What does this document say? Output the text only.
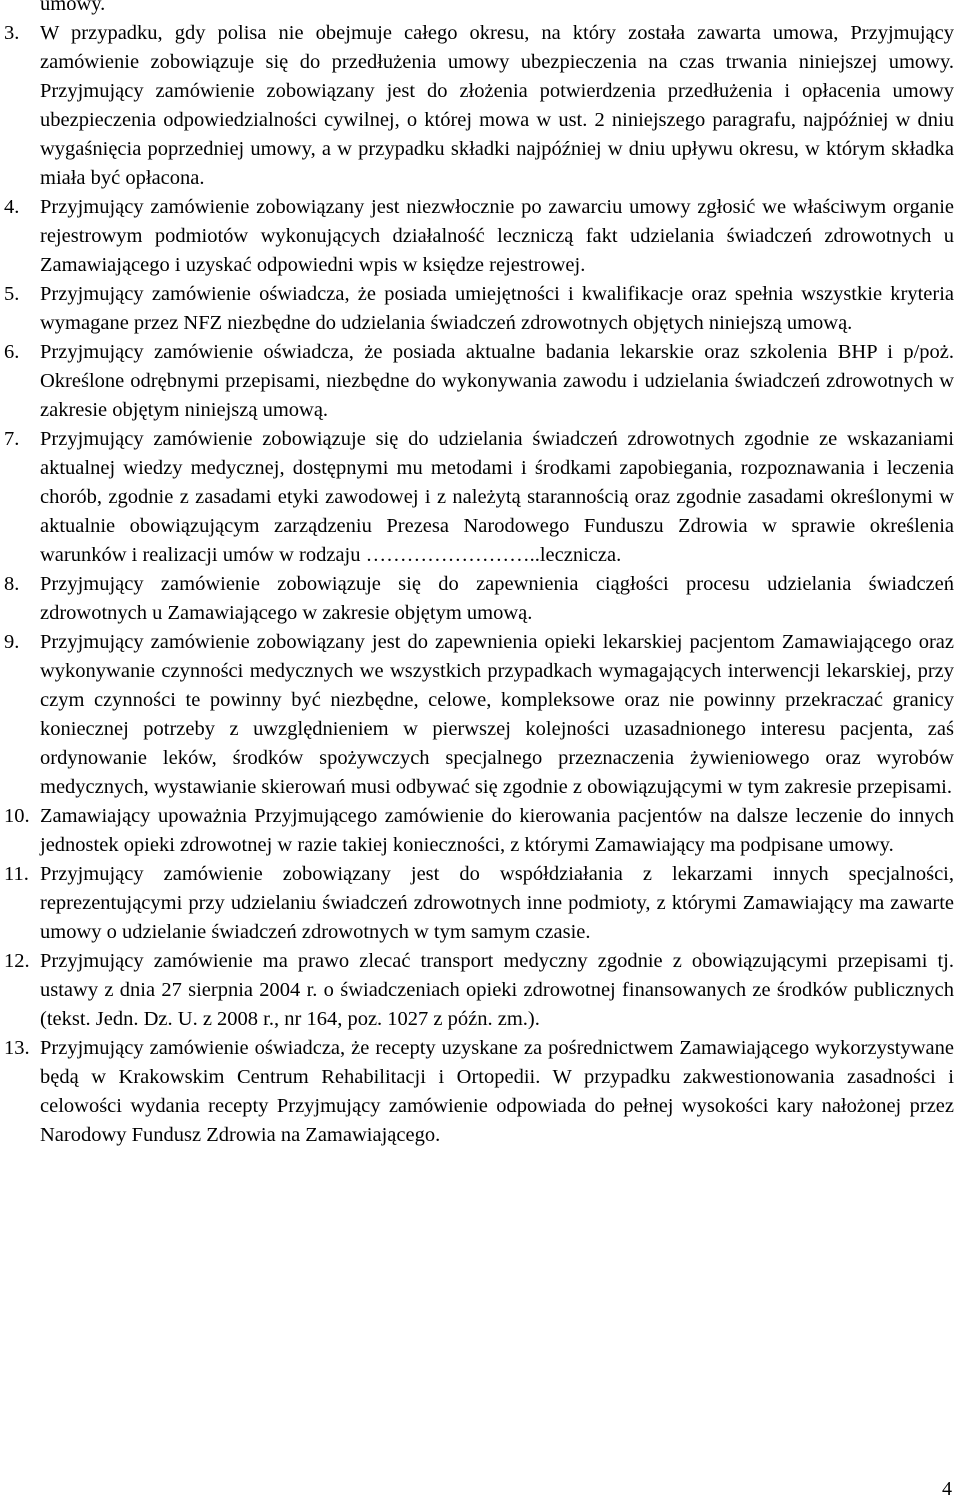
umowy.
3.	W przypadku, gdy polisa nie obejmuje całego okresu, na który została zawarta umowa, Przyjmujący zamówienie zobowiązuje się do przedłużenia umowy ubezpieczenia na czas trwania niniejszej umowy. Przyjmujący zamówienie zobowiązany jest do złożenia potwierdzenia przedłużenia i opłacenia umowy ubezpieczenia odpowiedzialności cywilnej, o której mowa w ust. 2 niniejszego paragrafu, najpóźniej w dniu wygaśnięcia poprzedniej umowy, a w przypadku składki najpóźniej w dniu upływu okresu, w którym składka miała być opłacona.

4.	Przyjmujący zamówienie zobowiązany jest niezwłocznie po zawarciu umowy zgłosić we właściwym organie rejestrowym podmiotów wykonujących działalność leczniczą fakt udzielania świadczeń zdrowotnych u Zamawiającego i uzyskać odpowiedni wpis w księdze rejestrowej.

5.	Przyjmujący zamówienie oświadcza, że posiada umiejętności i kwalifikacje oraz spełnia wszystkie kryteria wymagane przez NFZ niezbędne do udzielania świadczeń zdrowotnych objętych niniejszą umową.

6.	Przyjmujący zamówienie oświadcza, że posiada aktualne badania lekarskie oraz szkolenia BHP i p/poż. Określone odrębnymi przepisami, niezbędne do wykonywania zawodu i udzielania świadczeń zdrowotnych w zakresie objętym niniejszą umową.

7.	Przyjmujący zamówienie zobowiązuje się do udzielania świadczeń zdrowotnych zgodnie ze wskazaniami aktualnej wiedzy medycznej, dostępnymi mu metodami i środkami zapobiegania, rozpoznawania i leczenia chorób, zgodnie z zasadami etyki zawodowej i z należytą starannością oraz zgodnie zasadami określonymi w aktualnie obowiązującym zarządzeniu Prezesa Narodowego Funduszu Zdrowia w sprawie określenia warunków i realizacji umów w rodzaju ……………………..lecznicza.

8.	Przyjmujący zamówienie zobowiązuje się do zapewnienia ciągłości procesu udzielania świadczeń zdrowotnych u Zamawiającego w zakresie objętym umową.

9.	Przyjmujący zamówienie zobowiązany jest do zapewnienia opieki lekarskiej pacjentom Zamawiającego oraz wykonywanie czynności medycznych we wszystkich przypadkach wymagających interwencji lekarskiej, przy czym czynności te powinny być niezbędne, celowe, kompleksowe oraz nie powinny przekraczać granicy koniecznej potrzeby z uwzględnieniem w pierwszej kolejności uzasadnionego interesu pacjenta, zaś ordynowanie leków, środków spożywczych specjalnego przeznaczenia żywieniowego oraz wyrobów medycznych, wystawianie skierowań musi odbywać się zgodnie z obowiązującymi w tym zakresie przepisami.

10. Zamawiający upoważnia Przyjmującego zamówienie do kierowania pacjentów na dalsze leczenie do innych jednostek opieki zdrowotnej w razie takiej konieczności, z którymi Zamawiający ma podpisane umowy.

11. Przyjmujący zamówienie zobowiązany jest do współdziałania z lekarzami innych specjalności, reprezentującymi przy udzielaniu świadczeń zdrowotnych inne podmioty, z którymi Zamawiający ma zawarte umowy o udzielanie świadczeń zdrowotnych w tym samym czasie.

12. Przyjmujący zamówienie ma prawo zlecać transport medyczny zgodnie z obowiązującymi przepisami tj. ustawy z dnia 27 sierpnia 2004 r. o świadczeniach opieki zdrowotnej finansowanych ze środków publicznych (tekst. Jedn. Dz. U. z 2008 r., nr 164, poz. 1027 z późn. zm.).

13. Przyjmujący zamówienie oświadcza, że recepty uzyskane za pośrednictwem Zamawiającego wykorzystywane będą w Krakowskim Centrum Rehabilitacji i Ortopedii. W przypadku zakwestionowania zasadności i celowości wydania recepty Przyjmujący zamówienie odpowiada do pełnej wysokości kary nałożonej przez Narodowy Fundusz Zdrowia na Zamawiającego.

4
